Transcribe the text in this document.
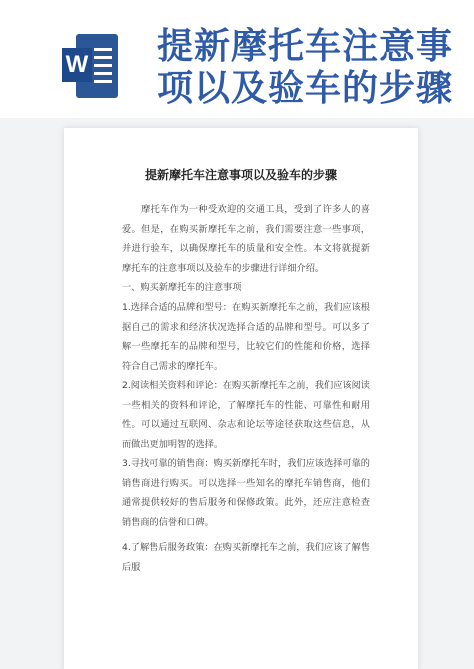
W 提新摩托车注意事项以及验车的步骤
提新摩托车注意事项以及验车的步骤
　　摩托车作为一种受欢迎的交通工具，受到了许多人的喜爱。但是，在购买新摩托车之前，我们需要注意一些事项，并进行验车，以确保摩托车的质量和安全性。本文将就提新摩托车的注意事项以及验车的步骤进行详细介绍。
一、购买新摩托车的注意事项
1.选择合适的品牌和型号：在购买新摩托车之前，我们应该根据自己的需求和经济状况选择合适的品牌和型号。可以多了解一些摩托车的品牌和型号，比较它们的性能和价格，选择符合自己需求的摩托车。
2.阅读相关资料和评论：在购买新摩托车之前，我们应该阅读一些相关的资料和评论，了解摩托车的性能、可靠性和耐用性。可以通过互联网、杂志和论坛等途径获取这些信息，从而做出更加明智的选择。
3.寻找可靠的销售商：购买新摩托车时，我们应该选择可靠的销售商进行购买。可以选择一些知名的摩托车销售商，他们通常提供较好的售后服务和保修政策。此外，还应注意检查销售商的信誉和口碑。
4.了解售后服务政策：在购买新摩托车之前，我们应该了解售后服
